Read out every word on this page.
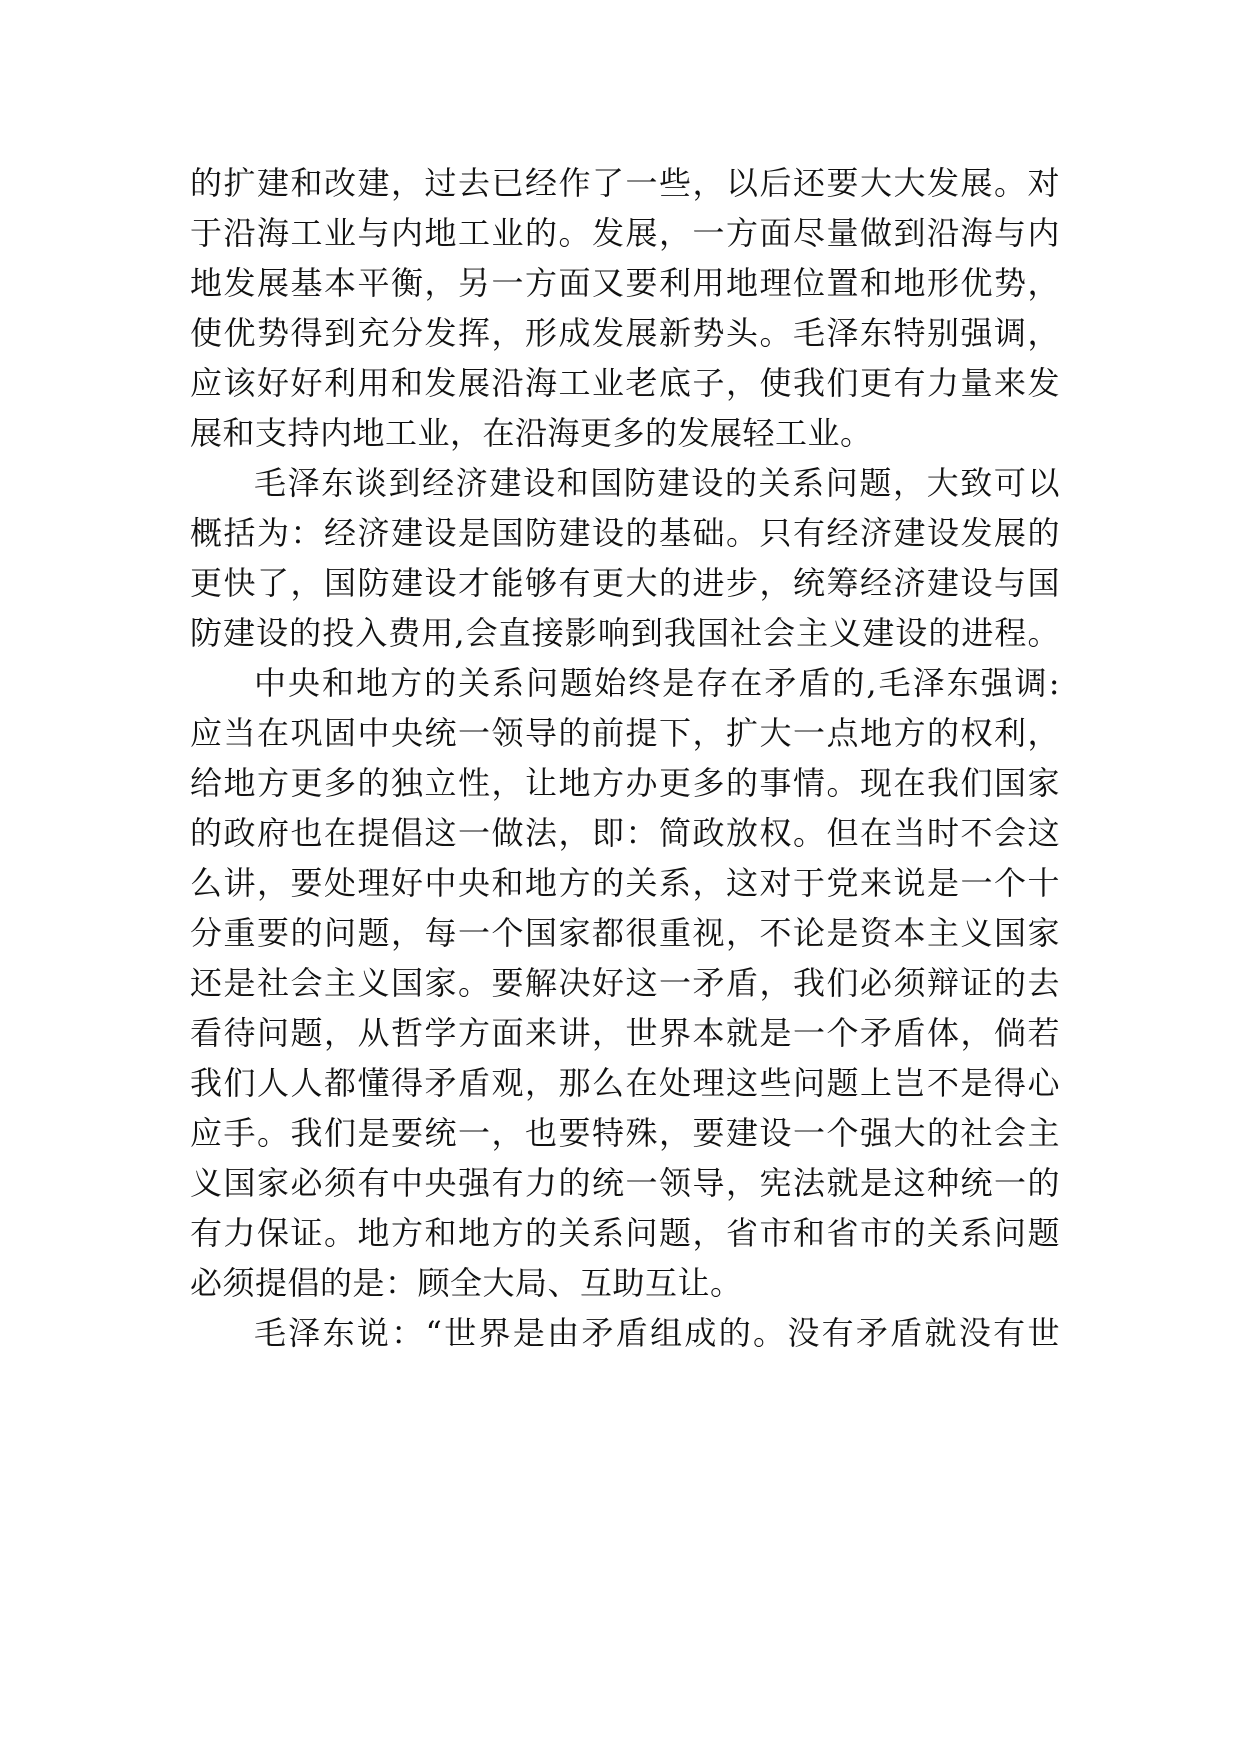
的扩建和改建，过去已经作了一些，以后还要大大发展。对
于沿海工业与内地工业的。发展，一方面尽量做到沿海与内
地发展基本平衡，另一方面又要利用地理位置和地形优势，
使优势得到充分发挥，形成发展新势头。毛泽东特别强调，
应该好好利用和发展沿海工业老底子，使我们更有力量来发
展和支持内地工业，在沿海更多的发展轻工业。
毛泽东谈到经济建设和国防建设的关系问题，大致可以
概括为：经济建设是国防建设的基础。只有经济建设发展的
更快了，国防建设才能够有更大的进步，统筹经济建设与国
防建设的投入费用,会直接影响到我国社会主义建设的进程。
中央和地方的关系问题始终是存在矛盾的,毛泽东强调:
应当在巩固中央统一领导的前提下，扩大一点地方的权利，
给地方更多的独立性，让地方办更多的事情。现在我们国家
的政府也在提倡这一做法，即：简政放权。但在当时不会这
么讲，要处理好中央和地方的关系，这对于党来说是一个十
分重要的问题，每一个国家都很重视，不论是资本主义国家
还是社会主义国家。要解决好这一矛盾，我们必须辩证的去
看待问题，从哲学方面来讲，世界本就是一个矛盾体，倘若
我们人人都懂得矛盾观，那么在处理这些问题上岂不是得心
应手。我们是要统一，也要特殊，要建设一个强大的社会主
义国家必须有中央强有力的统一领导，宪法就是这种统一的
有力保证。地方和地方的关系问题，省市和省市的关系问题
必须提倡的是：顾全大局、互助互让。
毛泽东说：“世界是由矛盾组成的。没有矛盾就没有世
